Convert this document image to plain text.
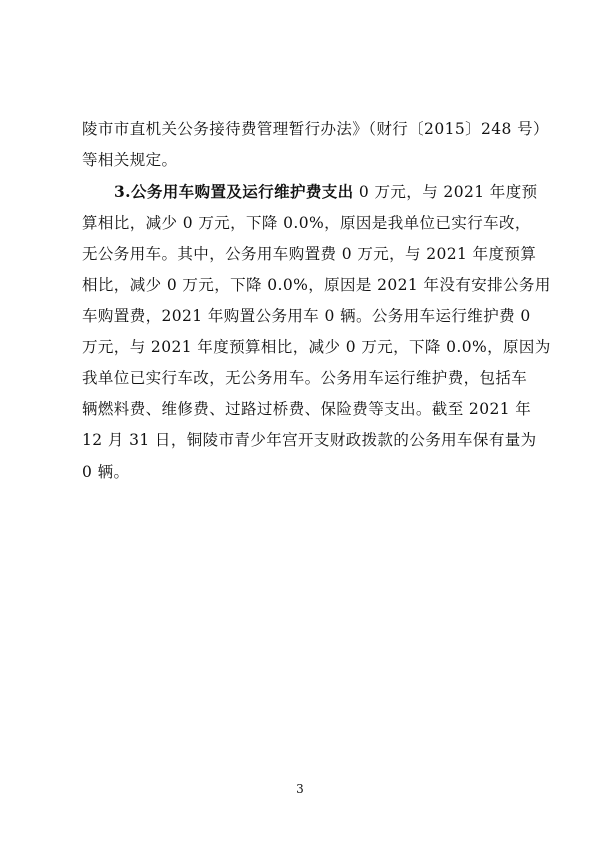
陵市市直机关公务接待费管理暂行办法》（财行〔2015〕248 号）
等相关规定。
3.公务用车购置及运行维护费支出 0 万元，与 2021 年度预
算相比，减少 0 万元，下降 0.0%，原因是我单位已实行车改，
无公务用车。其中，公务用车购置费 0 万元，与 2021 年度预算
相比，减少 0 万元，下降 0.0%，原因是 2021 年没有安排公务用
车购置费，2021 年购置公务用车 0 辆。公务用车运行维护费 0
万元，与 2021 年度预算相比，减少 0 万元，下降 0.0%，原因为
我单位已实行车改，无公务用车。公务用车运行维护费，包括车
辆燃料费、维修费、过路过桥费、保险费等支出。截至 2021 年
12 月 31 日，铜陵市青少年宫开支财政拨款的公务用车保有量为
0 辆。
3
